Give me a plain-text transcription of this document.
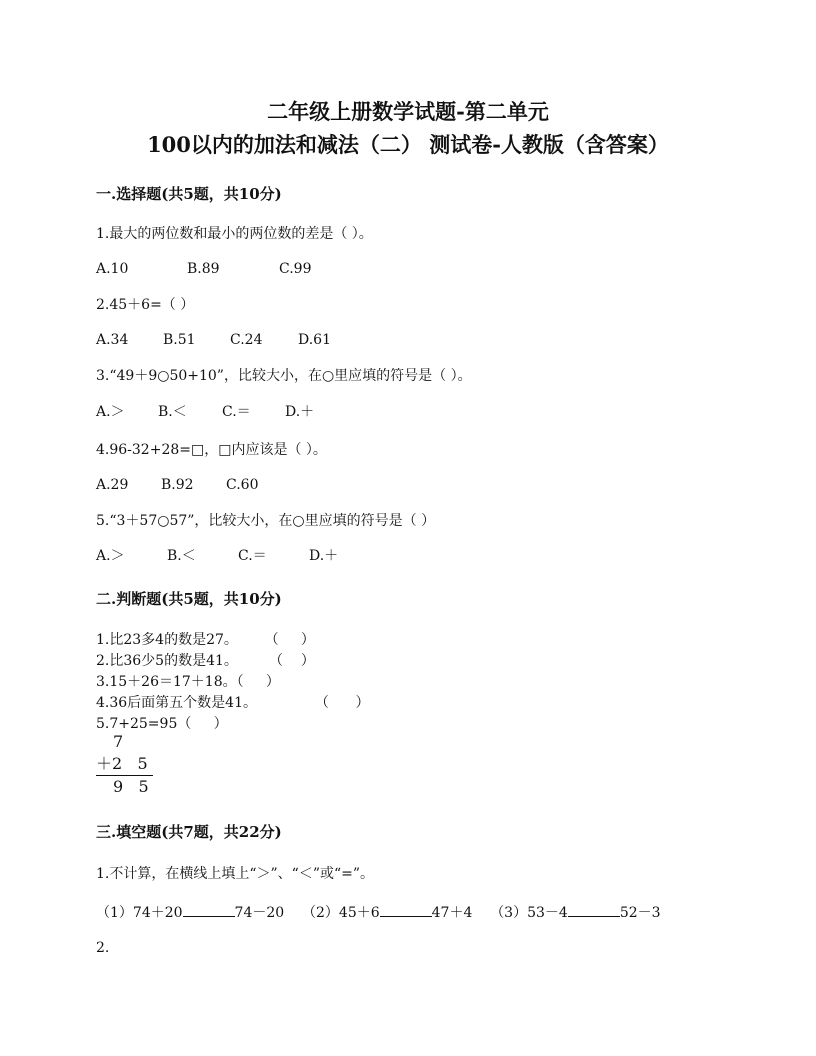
二年级上册数学试题-第二单元
100以内的加法和减法（二） 测试卷-人教版（含答案）
一.选择题(共5题，共10分)
1.最大的两位数和最小的两位数的差是（ ）。
A.10	B.89	C.99
2.45＋6=（ ）
A.34 B.51 C.24	D.61
3.“49＋9○50+10”，比较大小，在○里应填的符号是（ ）。
A.＞ B.＜	C.＝ D.＋
4.96-32+28=□，□内应该是（ ）。
A.29 B.92 C.60
5.“3＋57○57”，比较大小，在○里应填的符号是（ ）
A.＞	B.＜	C.＝	D.＋
二.判断题(共5题，共10分)
1.比23多4的数是27。      （     ）
2.比36少5的数是41。       （    ）
3.15＋26＝17＋18。（     ）
4.36后面第五个数是41。             （      ）
5.7+25=95（     ）
7
＋2   5
9   5
三.填空题(共7题，共22分)
1.不计算，在横线上填上“＞”、“＜”或“=”。
（1）74＋20	74－20 （2）45＋6	47＋4 （3）53－4	52－3
2.
